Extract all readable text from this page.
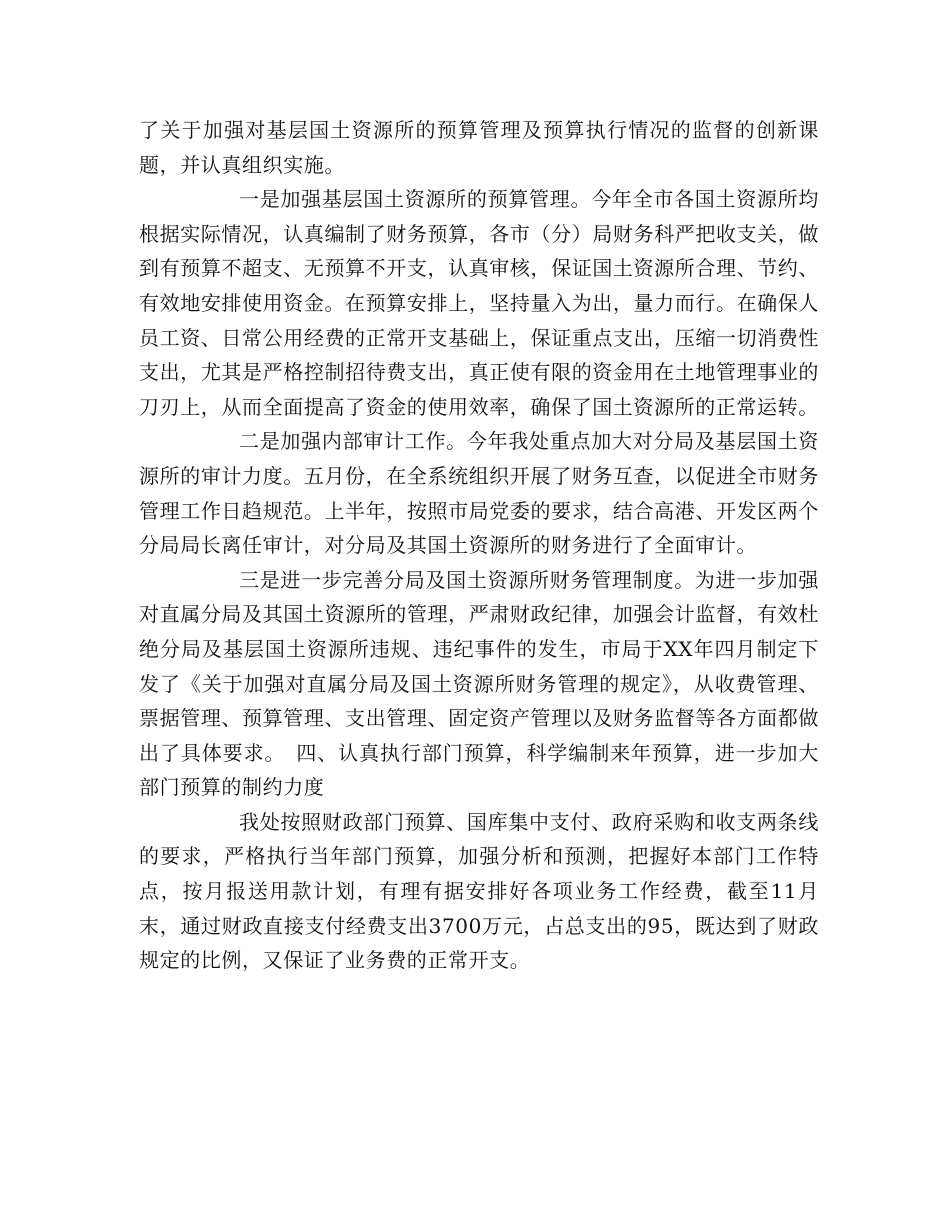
了关于加强对基层国土资源所的预算管理及预算执行情况的监督的创新课题，并认真组织实施。

一是加强基层国土资源所的预算管理。今年全市各国土资源所均根据实际情况，认真编制了财务预算，各市（分）局财务科严把收支关，做到有预算不超支、无预算不开支，认真审核，保证国土资源所合理、节约、有效地安排使用资金。在预算安排上，坚持量入为出，量力而行。在确保人员工资、日常公用经费的正常开支基础上，保证重点支出，压缩一切消费性支出，尤其是严格控制招待费支出，真正使有限的资金用在土地管理事业的刀刃上，从而全面提高了资金的使用效率，确保了国土资源所的正常运转。

二是加强内部审计工作。今年我处重点加大对分局及基层国土资源所的审计力度。五月份，在全系统组织开展了财务互查，以促进全市财务管理工作日趋规范。上半年，按照市局党委的要求，结合高港、开发区两个分局局长离任审计，对分局及其国土资源所的财务进行了全面审计。

三是进一步完善分局及国土资源所财务管理制度。为进一步加强对直属分局及其国土资源所的管理，严肃财政纪律，加强会计监督，有效杜绝分局及基层国土资源所违规、违纪事件的发生，市局于XX年四月制定下发了《关于加强对直属分局及国土资源所财务管理的规定》，从收费管理、票据管理、预算管理、支出管理、固定资产管理以及财务监督等各方面都做出了具体要求。　四、认真执行部门预算，科学编制来年预算，进一步加大部门预算的制约力度

我处按照财政部门预算、国库集中支付、政府采购和收支两条线的要求，严格执行当年部门预算，加强分析和预测，把握好本部门工作特点，按月报送用款计划，有理有据安排好各项业务工作经费，截至11月末，通过财政直接支付经费支出3700万元，占总支出的95，既达到了财政规定的比例，又保证了业务费的正常开支。
